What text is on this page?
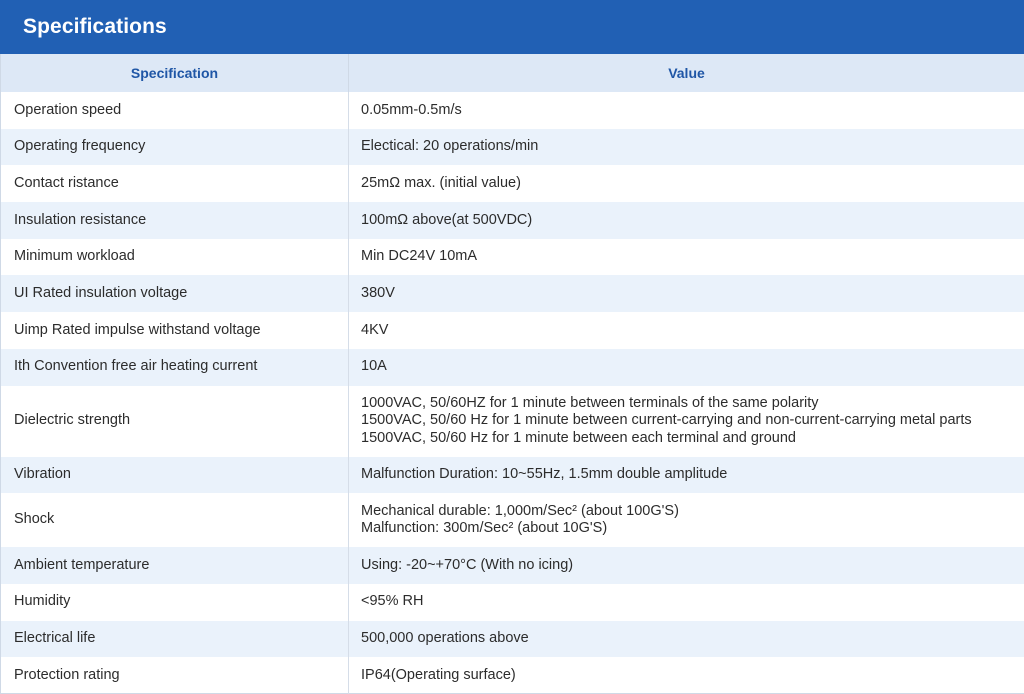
Specifications
Specification	Value
Operation speed	0.05mm-0.5m/s

Operating frequency	Electical: 20 operations/min

Contact ristance	25mΩ max. (initial value)

Insulation resistance	100mΩ above(at 500VDC)

Minimum workload	Min DC24V 10mA

UI Rated insulation voltage	380V

Uimp Rated impulse withstand voltage	4KV

Ith Convention free air heating current	10A

Dielectric strength	1000VAC, 50/60HZ for 1 minute between terminals of the same polarity
1500VAC, 50/60 Hz for 1 minute between current-carrying and non-current-carrying metal parts
1500VAC, 50/60 Hz for 1 minute between each terminal and ground

Vibration	Malfunction Duration: 10~55Hz, 1.5mm double amplitude

Shock	Mechanical durable: 1,000m/Sec² (about 100G'S)
Malfunction: 300m/Sec² (about 10G'S)

Ambient temperature	Using: -20~+70°C (With no icing)

Humidity	<95% RH

Electrical life	500,000 operations above

Protection rating	IP64(Operating surface)
